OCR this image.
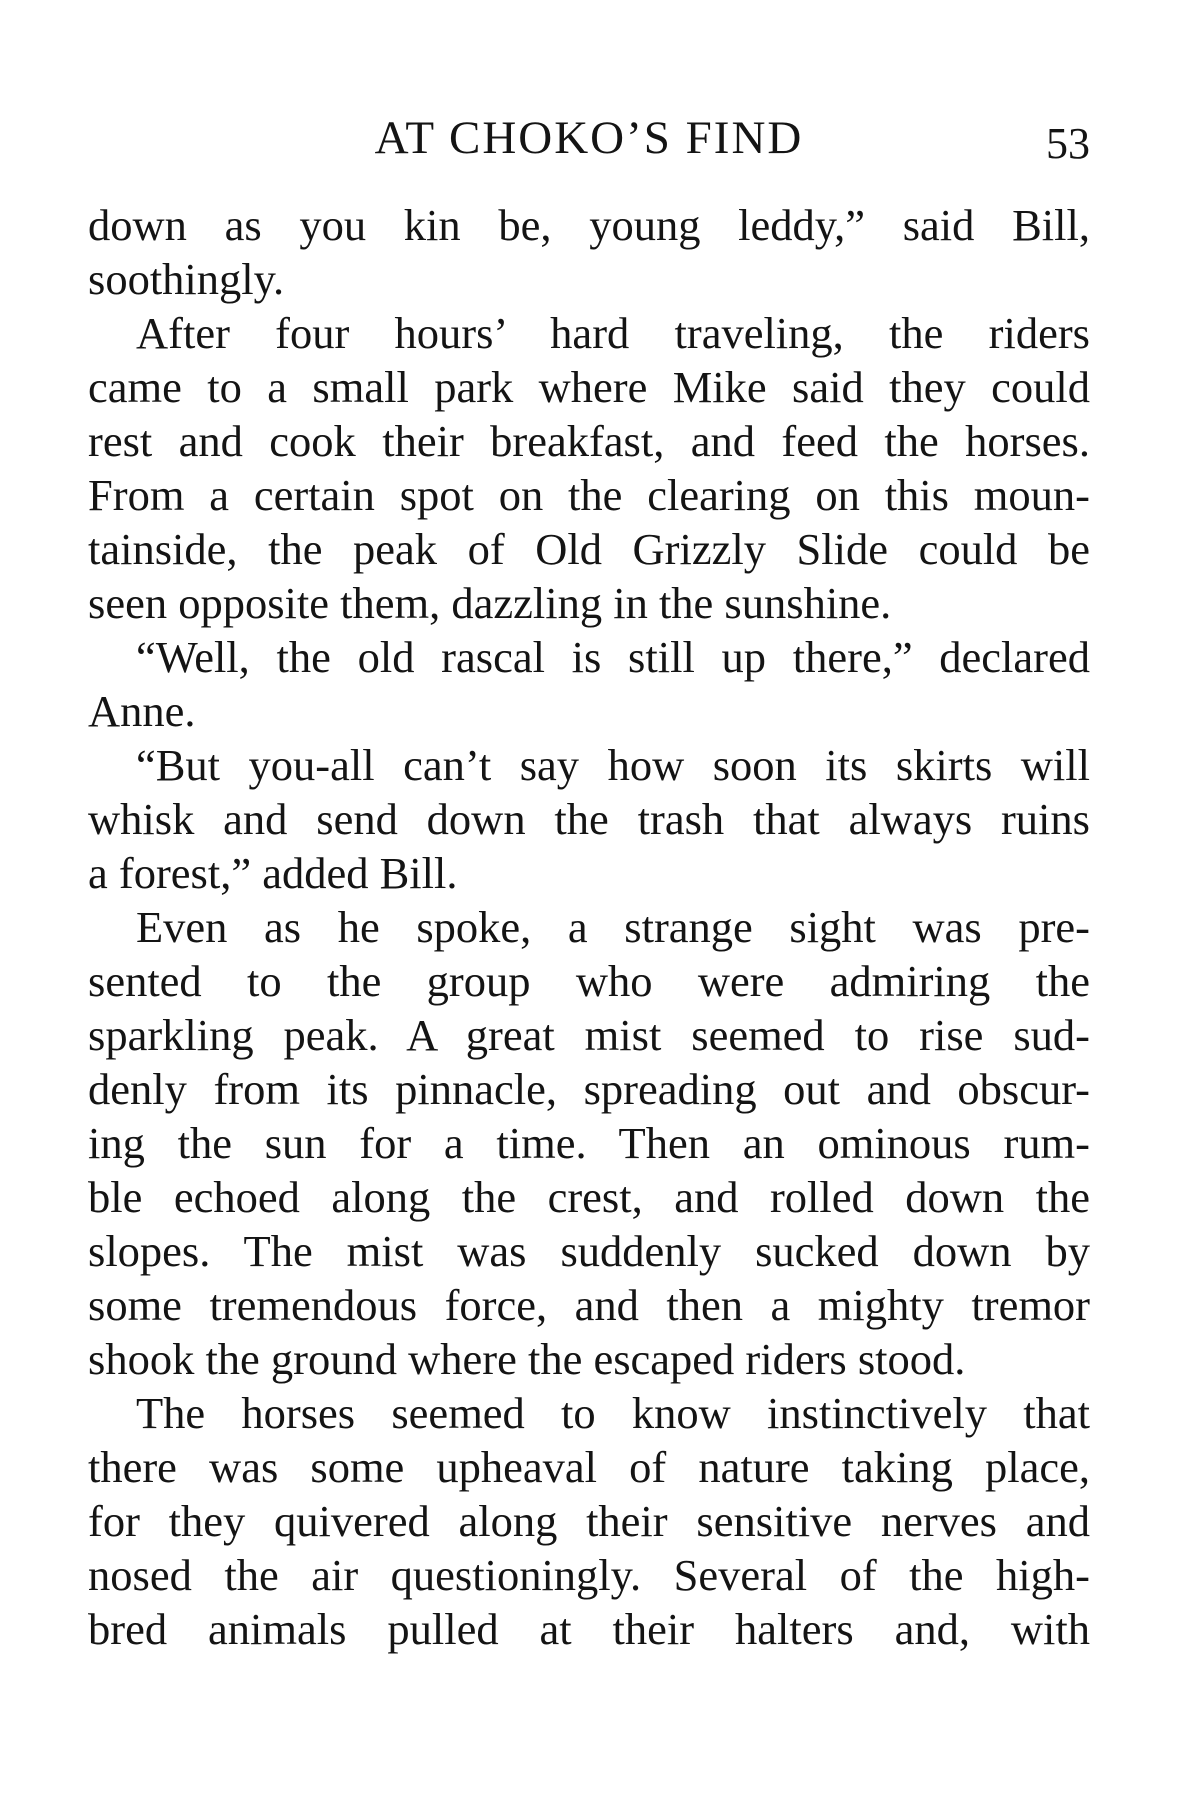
AT CHOKO’S FIND	53
down as you kin be, young leddy,” said Bill,
soothingly.
After four hours’ hard traveling, the riders
came to a small park where Mike said they could
rest and cook their breakfast, and feed the horses.
From a certain spot on the clearing on this moun-
tainside, the peak of Old Grizzly Slide could be
seen opposite them, dazzling in the sunshine.
“Well, the old rascal is still up there,” declared
Anne.
“But you-all can’t say how soon its skirts will
whisk and send down the trash that always ruins
a forest,” added Bill.
Even as he spoke, a strange sight was pre-
sented to the group who were admiring the
sparkling peak. A great mist seemed to rise sud-
denly from its pinnacle, spreading out and obscur-
ing the sun for a time. Then an ominous rum-
ble echoed along the crest, and rolled down the
slopes. The mist was suddenly sucked down by
some tremendous force, and then a mighty tremor
shook the ground where the escaped riders stood.
The horses seemed to know instinctively that
there was some upheaval of nature taking place,
for they quivered along their sensitive nerves and
nosed the air questioningly. Several of the high-
bred animals pulled at their halters and, with
